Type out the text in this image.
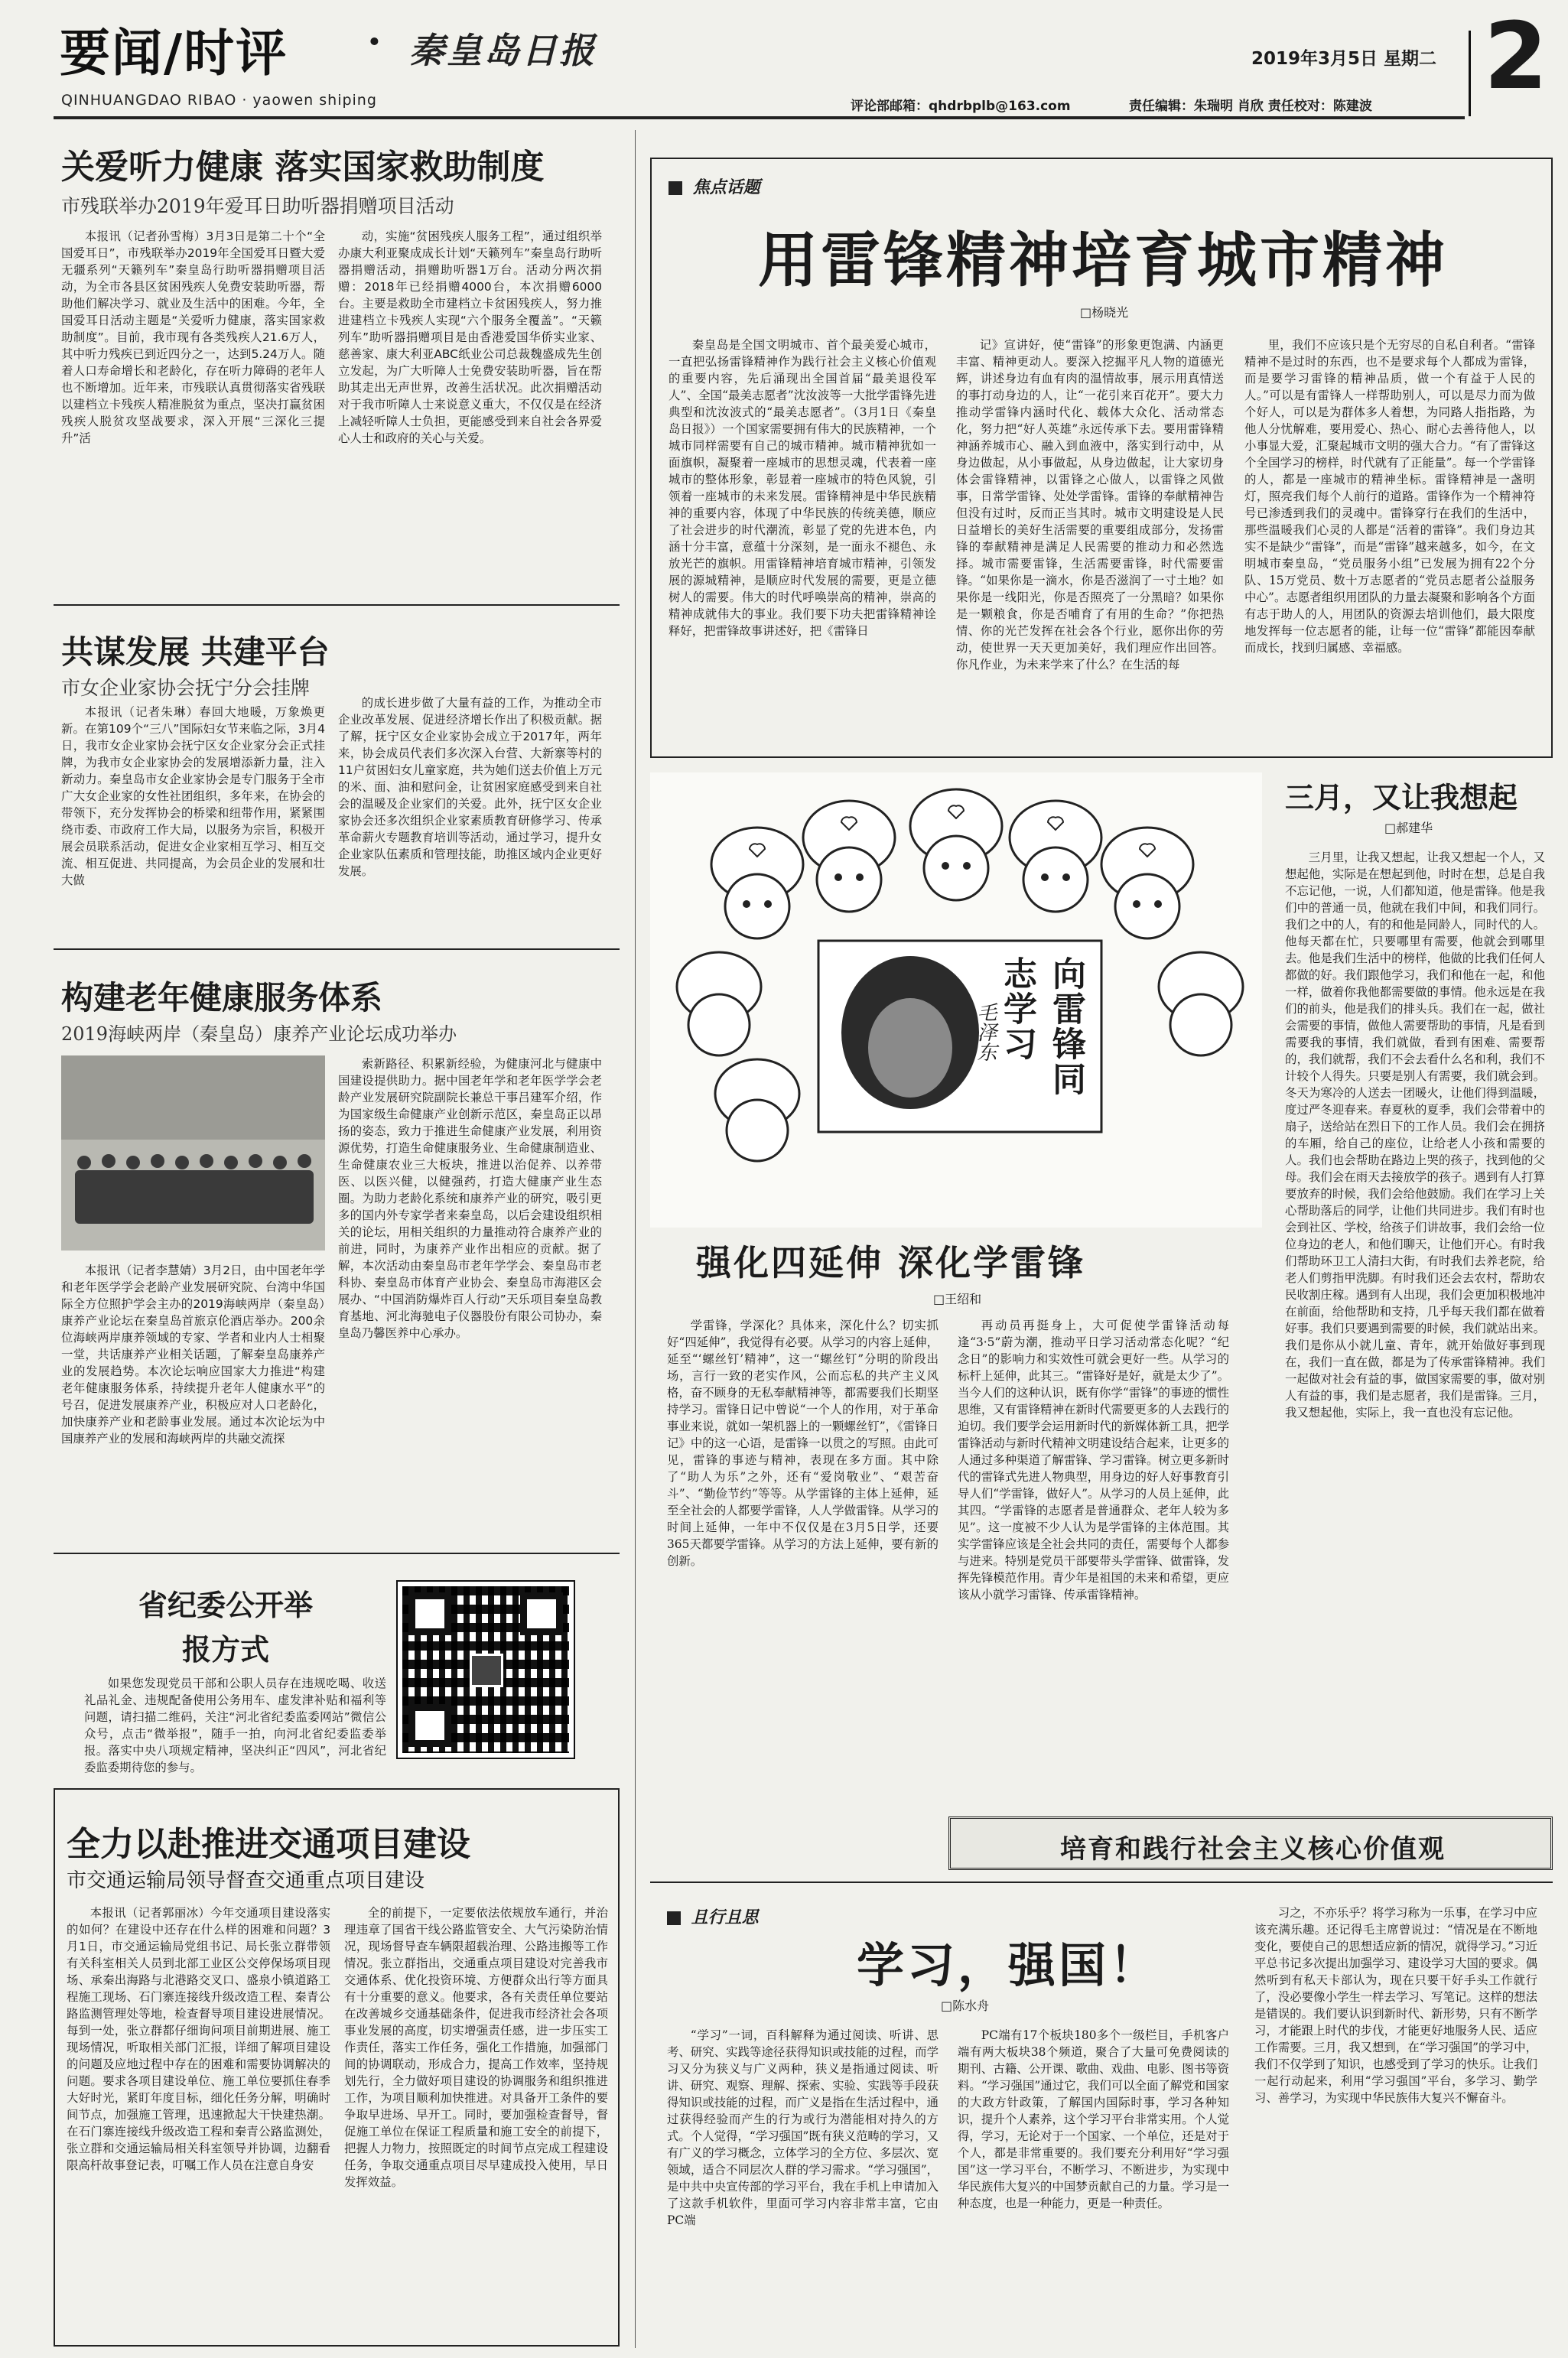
要闻/时评 · 秦皇岛日报
QINHUANGDAO RIBAO · yaowen shiping
2019年3月5日 星期二 2
评论部邮箱：qhdrbplb@163.com	责任编辑：朱瑞明 肖欣 责任校对：陈建波
关爱听力健康 落实国家救助制度
市残联举办2019年爱耳日助听器捐赠项目活动

本报讯（记者孙雪梅）3月3日是第二十个“全国爱耳日”，市残联举办2019年全国爱耳日暨大爱无疆系列“天籁列车”秦皇岛行助听器捐赠项目活动，为全市各县区贫困残疾人免费安装助听器，帮助他们解决学习、就业及生活中的困难。今年，全国爱耳日活动主题是“关爱听力健康，落实国家救助制度”。目前，我市现有各类残疾人21.6万人，其中听力残疾已到近四分之一，达到5.24万人。随着人口寿命增长和老龄化，存在听力障碍的老年人也不断增加。近年来，市残联认真贯彻落实省残联以建档立卡残疾人精准脱贫为重点，坚决打赢贫困残疾人脱贫攻坚战要求，深入开展“三深化三提升”活

动，实施“贫困残疾人服务工程”，通过组织举办康大利亚聚成成长计划“天籁列车”秦皇岛行助听器捐赠活动，捐赠助听器1万台。活动分两次捐赠：2018年已经捐赠4000台，本次捐赠6000台。主要是救助全市建档立卡贫困残疾人，努力推进建档立卡残疾人实现“六个服务全覆盖”。“天籁列车”助听器捐赠项目是由香港爱国华侨实业家、慈善家、康大利亚ABC纸业公司总裁魏盛成先生创立发起，为广大听障人士免费安装助听器，旨在帮助其走出无声世界，改善生活状况。此次捐赠活动对于我市听障人士来说意义重大，不仅仅是在经济上减轻听障人士负担，更能感受到来自社会各界爱心人士和政府的关心与关爱。

共谋发展 共建平台
市女企业家协会抚宁分会挂牌

本报讯（记者朱琳）春回大地暖，万象焕更新。在第109个“三八”国际妇女节来临之际，3月4日，我市女企业家协会抚宁区女企业家分会正式挂牌，为我市女企业家协会的发展增添新力量，注入新动力。秦皇岛市女企业家协会是专门服务于全市广大女企业家的女性社团组织，多年来，在协会的带领下，充分发挥协会的桥梁和纽带作用，紧紧围绕市委、市政府工作大局，以服务为宗旨，积极开展会员联系活动，促进女企业家相互学习、相互交流、相互促进、共同提高，为会员企业的发展和壮大做

的成长进步做了大量有益的工作，为推动全市企业改革发展、促进经济增长作出了积极贡献。据了解，抚宁区女企业家协会成立于2017年，两年来，协会成员代表们多次深入台营、大新寨等村的11户贫困妇女儿童家庭，共为她们送去价值上万元的米、面、油和慰问金，让贫困家庭感受到来自社会的温暖及企业家们的关爱。此外，抚宁区女企业家协会还多次组织企业家素质教育研修学习、传承革命薪火专题教育培训等活动，通过学习，提升女企业家队伍素质和管理技能，助推区域内企业更好发展。

构建老年健康服务体系
2019海峡两岸（秦皇岛）康养产业论坛成功举办

本报讯（记者李慧婧）3月2日，由中国老年学和老年医学学会老龄产业发展研究院、台湾中华国际全方位照护学会主办的2019海峡两岸（秦皇岛）康养产业论坛在秦皇岛首旅京伦酒店举办。200余位海峡两岸康养领域的专家、学者和业内人士相聚一堂，共话康养产业相关话题，了解秦皇岛康养产业的发展趋势。本次论坛响应国家大力推进“构建老年健康服务体系，持续提升老年人健康水平”的号召，促进发展康养产业，积极应对人口老龄化，加快康养产业和老龄事业发展。通过本次论坛为中国康养产业的发展和海峡两岸的共融交流探

索新路径、积累新经验，为健康河北与健康中国建设提供助力。据中国老年学和老年医学学会老龄产业发展研究院副院长兼总干事吕建军介绍，作为国家级生命健康产业创新示范区，秦皇岛正以昂扬的姿态，致力于推进生命健康产业发展，利用资源优势，打造生命健康服务业、生命健康制造业、生命健康农业三大板块，推进以治促养、以养带医、以医兴健，以健强药，打造大健康产业生态圈。为助力老龄化系统和康养产业的研究，吸引更多的国内外专家学者来秦皇岛，以后会建设组织相关的论坛，用相关组织的力量推动符合康养产业的前进，同时，为康养产业作出相应的贡献。据了解，本次活动由秦皇岛市老年学学会、秦皇岛市老科协、秦皇岛市体育产业协会、秦皇岛市海港区会展办、“中国消防爆炸百人行动”天乐项目秦皇岛教育基地、河北海驰电子仪器股份有限公司协办，秦皇岛乃馨医养中心承办。

省纪委公开举报方式

如果您发现党员干部和公职人员存在违规吃喝、收送礼品礼金、违规配备使用公务用车、虚发津补贴和福利等问题，请扫描二维码，关注“河北省纪委监委网站”微信公众号，点击“微举报”，随手一拍，向河北省纪委监委举报。落实中央八项规定精神，坚决纠正“四风”，河北省纪委监委期待您的参与。

全力以赴推进交通项目建设
市交通运输局领导督查交通重点项目建设

本报讯（记者郭丽冰）今年交通项目建设落实的如何？在建设中还存在什么样的困难和问题？3月1日，市交通运输局党组书记、局长张立群带领有关科室相关人员到北部工业区公交停保场项目现场、承秦出海路与北港路交叉口、盛泉小镇道路工程施工现场、石门寨连接线升级改造工程、秦青公路监测管理处等地，检查督导项目建设进展情况。每到一处，张立群都仔细询问项目前期进展、施工现场情况，听取相关部门汇报，详细了解项目建设的问题及应地过程中存在的困难和需要协调解决的问题。要求各项目建设单位、施工单位要抓住春季大好时光，紧盯年度目标，细化任务分解，明确时间节点，加强施工管理，迅速掀起大干快建热潮。在石门寨连接线升级改造工程和秦青公路监测处，张立群和交通运输局相关科室领导并协调，边翻看限高杆故事登记表，叮嘱工作人员在注意自身安

全的前提下，一定要依法依规放车通行，并治理违章了国省干线公路监管安全、大气污染防治情况，现场督导查车辆限超载治理、公路违搬等工作情况。张立群指出，交通重点项目建设对完善我市交通体系、优化投资环境、方便群众出行等方面具有十分重要的意义。他要求，各有关责任单位要站在改善城乡交通基础条件，促进我市经济社会各项事业发展的高度，切实增强责任感，进一步压实工作责任，落实工作任务，强化工作措施，加强部门间的协调联动，形成合力，提高工作效率，坚持规划先行，全力做好项目建设的协调服务和组织推进工作，为项目顺利加快推进。对具备开工条件的要争取早进场、早开工。同时，要加强检查督导，督促施工单位在保证工程质量和施工安全的前提下，把握人力物力，按照既定的时间节点完成工程建设任务，争取交通重点项目尽早建成投入使用，早日发挥效益。

焦点话题
用雷锋精神培育城市精神
□杨晓光

秦皇岛是全国文明城市、首个最美爱心城市，一直把弘扬雷锋精神作为践行社会主义核心价值观的重要内容，先后涌现出全国首届“最美退役军人”、全国“最美志愿者”沈汝波等一大批学雷锋先进典型和沈汝波式的“最美志愿者”。（3月1日《秦皇岛日报》）一个国家需要拥有伟大的民族精神，一个城市同样需要有自己的城市精神。城市精神犹如一面旗帜，凝聚着一座城市的思想灵魂，代表着一座城市的整体形象，彰显着一座城市的特色风貌，引领着一座城市的未来发展。雷锋精神是中华民族精神的重要内容，体现了中华民族的传统美德，顺应了社会进步的时代潮流，彰显了党的先进本色，内涵十分丰富，意蕴十分深刻，是一面永不褪色、永放光芒的旗帜。用雷锋精神培育城市精神，引领发展的源城精神，是顺应时代发展的需要，更是立德树人的需要。伟大的时代呼唤崇高的精神，崇高的精神成就伟大的事业。我们要下功夫把雷锋精神诠释好，把雷锋故事讲述好，把《雷锋日

记》宣讲好，使“雷锋”的形象更饱满、内涵更丰富、精神更动人。要深入挖掘平凡人物的道德光辉，讲述身边有血有肉的温情故事，展示用真情送的事打动身边的人，让“一花引来百花开”。要大力推动学雷锋内涵时代化、载体大众化、活动常态化，努力把“好人英雄”永远传承下去。要用雷锋精神涵养城市心、融入到血液中，落实到行动中，从身边做起，从小事做起，从身边做起，让大家切身体会雷锋精神，以雷锋之心做人，以雷锋之风做事，日常学雷锋、处处学雷锋。雷锋的奉献精神告但没有过时，反而正当其时。城市文明建设是人民日益增长的美好生活需要的重要组成部分，发扬雷锋的奉献精神是满足人民需要的推动力和必然选择。城市需要雷锋，生活需要雷锋，时代需要雷锋。“如果你是一滴水，你是否滋润了一寸土地？如果你是一线阳光，你是否照亮了一分黑暗？如果你是一颗粮食，你是否哺育了有用的生命？”你把热情、你的光芒发挥在社会各个行业，愿你出你的劳动，使世界一天天更加美好，我们理应作出回答。你凡作业，为未来学来了什么？在生活的每

里，我们不应该只是个无穷尽的自私自利者。“雷锋精神不是过时的东西，也不是要求每个人都成为雷锋，而是要学习雷锋的精神品质，做一个有益于人民的人。”可以是有雷锋人一样帮助别人，可以是尽力而为做个好人，可以是为群体多人着想，为同路人指指路，为他人分忧解难，要用爱心、热心、耐心去善待他人，以小事显大爱，汇聚起城市文明的强大合力。“有了雷锋这个全国学习的榜样，时代就有了正能量”。每一个学雷锋的人，都是一座城市的精神坐标。雷锋精神是一盏明灯，照亮我们每个人前行的道路。雷锋作为一个精神符号已渗透到我们的灵魂中。雷锋穿行在我们的生活中，那些温暖我们心灵的人都是“活着的雷锋”。我们身边其实不是缺少“雷锋”，而是“雷锋”越来越多，如今，在文明城市秦皇岛，“党员服务小组”已发展为拥有22个分队、15万党员、数十万志愿者的“党员志愿者公益服务中心”。志愿者组织用团队的力量去凝聚和影响各个方面有志于助人的人，用团队的资源去培训他们，最大限度地发挥每一位志愿者的能，让每一位“雷锋”都能因奉献而成长，找到归属感、幸福感。

向雷锋同志学习
毛泽东
三月，又让我想起
□郝建华

三月里，让我又想起，让我又想起一个人，又想起他，实际是在想起到他，时时在想，总是自我不忘记他，一说，人们都知道，他是雷锋。他是我们中的普通一员，他就在我们中间，和我们同行。我们之中的人，有的和他是同龄人，同时代的人。他每天都在忙，只要哪里有需要，他就会到哪里去。他是我们生活中的榜样，他做的比我们任何人都做的好。我们跟他学习，我们和他在一起，和他一样，做着你我他都需要做的事情。他永远是在我们的前头，他是我们的排头兵。我们在一起，做社会需要的事情，做他人需要帮助的事情，凡是看到需要我的事情，我们就做，看到有困难、需要帮的，我们就帮，我们不会去看什么名和利，我们不计较个人得失。只要是别人有需要，我们就会到。冬天为寒冷的人送去一团暖火，让他们得到温暖，度过严冬迎春来。春夏秋的夏季，我们会带着中的扇子，送给站在烈日下的工作人员。我们会在拥挤的车厢，给自己的座位，让给老人小孩和需要的人。我们也会帮助在路边上哭的孩子，找到他的父母。我们会在雨天去接放学的孩子。遇到有人打算要放弃的时候，我们会给他鼓励。我们在学习上关心帮助落后的同学，让他们共同进步。我们有时也会到社区、学校，给孩子们讲故事，我们会给一位位身边的老人，和他们聊天，让他们开心。有时我们帮助环卫工人清扫大街，有时我们去养老院，给老人们剪指甲洗脚。有时我们还会去农村，帮助农民收割庄稼。遇到有人出现，我们会更加积极地冲在前面，给他帮助和支持，几乎每天我们都在做着好事。我们只要遇到需要的时候，我们就站出来。我们是你从小就儿童、青年，就开始做好事到现在，我们一直在做，都是为了传承雷锋精神。我们一起做对社会有益的事，做国家需要的事，做对别人有益的事，我们是志愿者，我们是雷锋。三月，我又想起他，实际上，我一直也没有忘记他。

强化四延伸 深化学雷锋
□王绍和

学雷锋，学深化？具体来，深化什么？切实抓好“四延伸”，我觉得有必要。从学习的内容上延伸，延至“‘螺丝钉’精神”，这一“螺丝钉”分明的阶段出场，言行一致的老实作风，公而忘私的共产主义风格，奋不顾身的无私奉献精神等，都需要我们长期坚持学习。雷锋日记中曾说“一个人的作用，对于革命事业来说，就如一架机器上的一颗螺丝钉”，《雷锋日记》中的这一心语，是雷锋一以贯之的写照。由此可见，雷锋的事迹与精神，表现在多方面。其中除了“助人为乐”之外，还有“爱岗敬业”、“艰苦奋斗”、“勤俭节约”等等。从学雷锋的主体上延伸，延至全社会的人都要学雷锋，人人学做雷锋。从学习的时间上延伸，一年中不仅仅是在3月5日学，还要365天都要学雷锋。从学习的方法上延伸，要有新的创新。

再动员再挺身上，大可促使学雷锋活动每逢“3·5”蔚为潮，推动平日学习活动常态化呢？“纪念日”的影响力和实效性可就会更好一些。从学习的标杆上延伸，此其三。“雷锋好是好，就是太少了”。当今人们的这种认识，既有你学“雷锋”的事迹的惯性思维，又有雷锋精神在新时代需要更多的人去践行的迫切。我们要学会运用新时代的新媒体新工具，把学雷锋活动与新时代精神文明建设结合起来，让更多的人通过多种渠道了解雷锋、学习雷锋。树立更多新时代的雷锋式先进人物典型，用身边的好人好事教育引导人们“学雷锋，做好人”。从学习的人员上延伸，此其四。“学雷锋的志愿者是普通群众、老年人较为多见”。这一度被不少人认为是学雷锋的主体范围。其实学雷锋应该是全社会共同的责任，需要每个人都参与进来。特别是党员干部要带头学雷锋、做雷锋，发挥先锋模范作用。青少年是祖国的未来和希望，更应该从小就学习雷锋、传承雷锋精神。

培育和践行社会主义核心价值观
且行且思
学习，强国！
□陈水舟

“学习”一词，百科解释为通过阅读、听讲、思考、研究、实践等途径获得知识或技能的过程，而学习又分为狭义与广义两种，狭义是指通过阅读、听讲、研究、观察、理解、探索、实验、实践等手段获得知识或技能的过程，而广义是指在生活过程中，通过获得经验而产生的行为或行为潜能相对持久的方式。个人觉得，“学习强国”既有狭义范畴的学习，又有广义的学习概念，立体学习的全方位、多层次、宽领域，适合不同层次人群的学习需求。“学习强国”，是中共中央宣传部的学习平台，我在手机上申请加入了这款手机软件，里面可学习内容非常丰富，它由PC端

PC端有17个板块180多个一级栏目，手机客户端有两大板块38个频道，聚合了大量可免费阅读的期刊、古籍、公开课、歌曲、戏曲、电影、图书等资料。“学习强国”通过它，我们可以全面了解党和国家的大政方针政策，了解国内国际时事，学习各种知识，提升个人素养，这个学习平台非常实用。个人觉得，学习，无论对于一个国家、一个单位，还是对于个人，都是非常重要的。我们要充分利用好“学习强国”这一学习平台，不断学习、不断进步，为实现中华民族伟大复兴的中国梦贡献自己的力量。学习是一种态度，也是一种能力，更是一种责任。

习之，不亦乐乎？将学习称为一乐事，在学习中应该充满乐趣。还记得毛主席曾说过：“情况是在不断地变化，要使自己的思想适应新的情况，就得学习。”习近平总书记多次提出加强学习、建设学习大国的要求。偶然听到有私天卡部认为，现在只要干好手头工作就行了，没必要像小学生一样去学习、写笔记。这样的想法是错误的。我们要认识到新时代、新形势，只有不断学习，才能跟上时代的步伐，才能更好地服务人民、适应工作需要。三月，我又想到，在“学习强国”的学习中，我们不仅学到了知识，也感受到了学习的快乐。让我们一起行动起来，利用“学习强国”平台，多学习、勤学习、善学习，为实现中华民族伟大复兴不懈奋斗。
